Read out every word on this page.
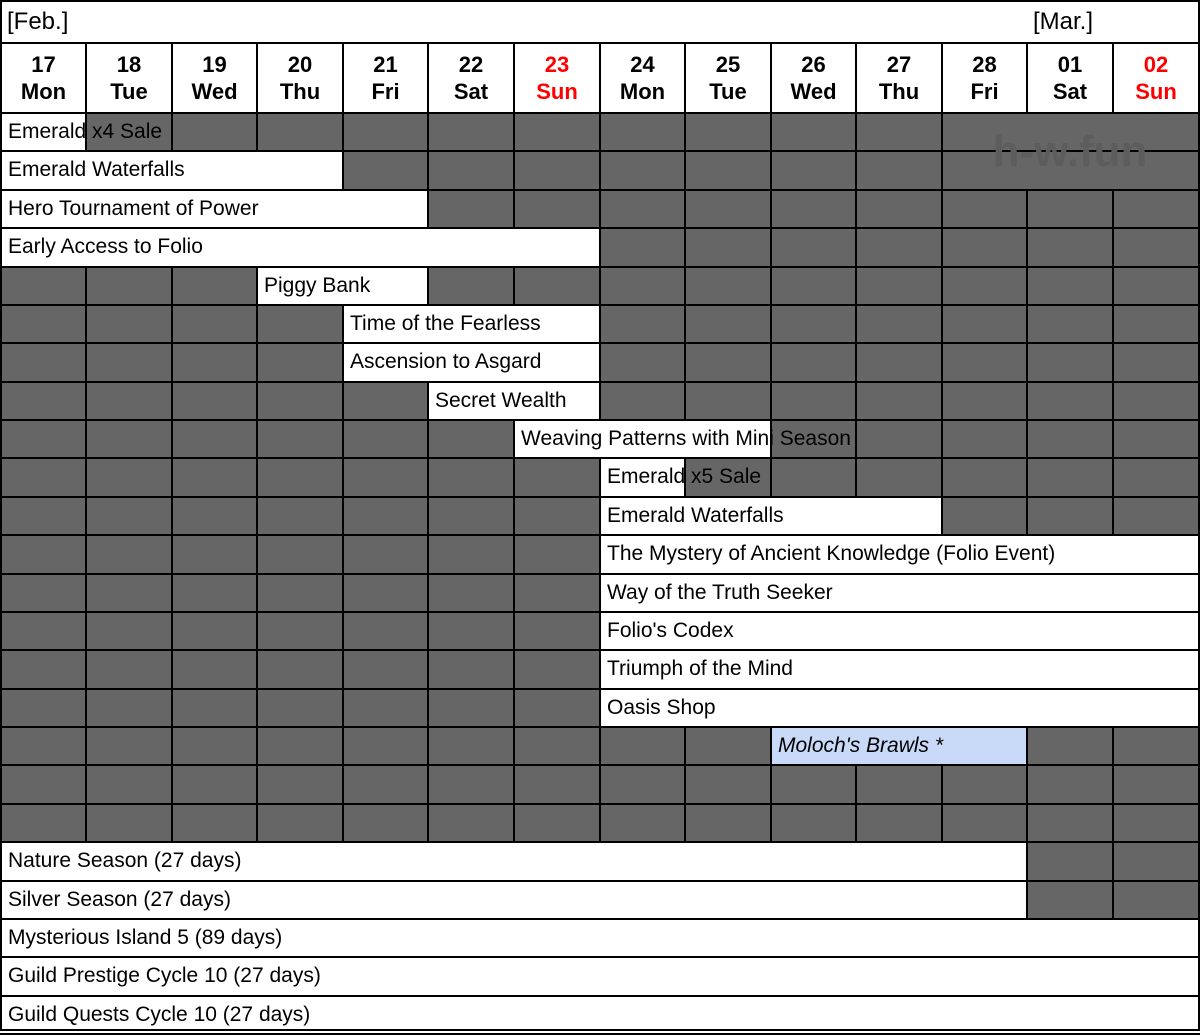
[Feb.]	[Mar.]
17
Mon
18
Tue
19
Wed
20
Thu
21
Fri
22
Sat
23
Sun
24
Mon
25
Tue
26
Wed
27
Thu
28
Fri
01
Sat
02
Sun
Emerald x4 Sale
Emerald Waterfalls
Hero Tournament of Power
Early Access to Folio
Piggy Bank
Time of the Fearless
Ascension to Asgard
Secret Wealth
Weaving Patterns with Mini Season
Emerald x5 Sale
Emerald Waterfalls
The Mystery of Ancient Knowledge (Folio Event)
Way of the Truth Seeker
Folio's Codex
Triumph of the Mind
Oasis Shop
Moloch's Brawls *
Nature Season (27 days)
Silver Season (27 days)
Mysterious Island 5 (89 days)
Guild Prestige Cycle 10 (27 days)
Guild Quests Cycle 10 (27 days)
h-w.fun
